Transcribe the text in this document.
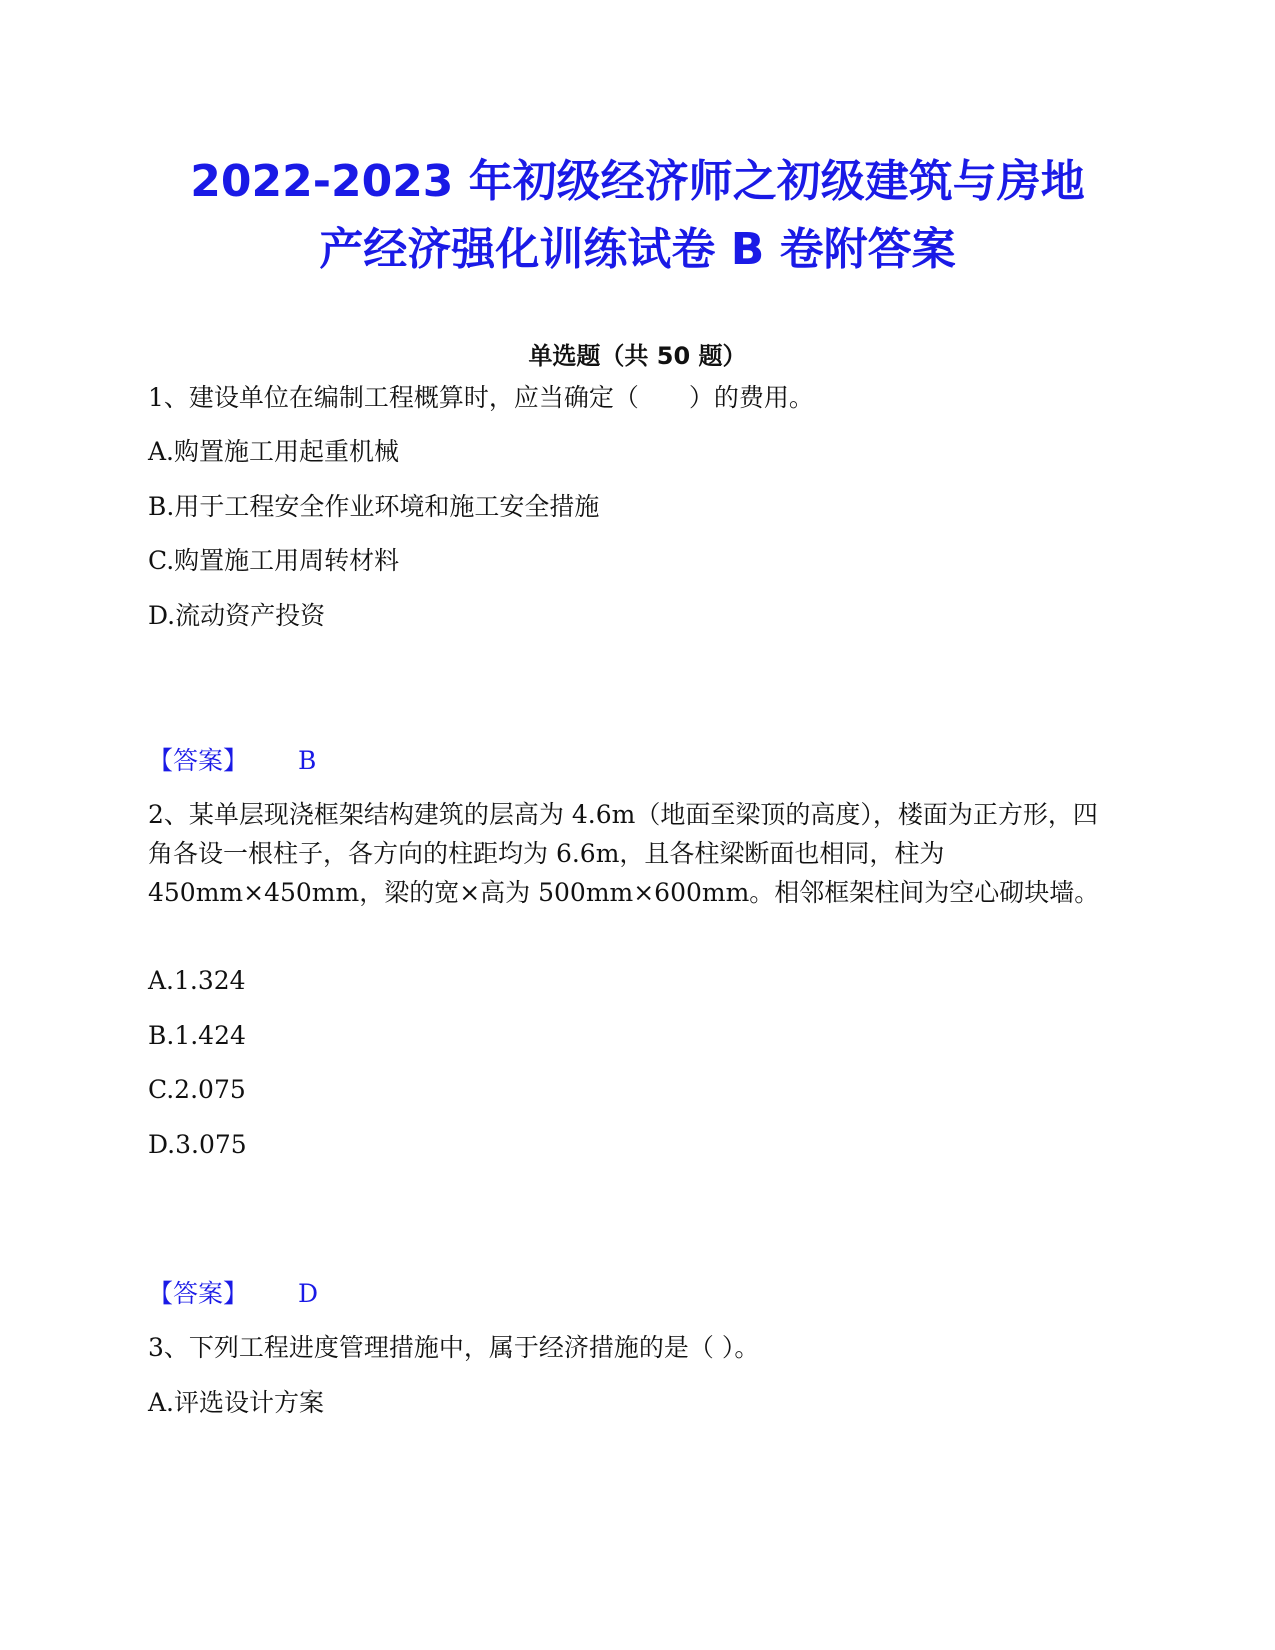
2022-2023 年初级经济师之初级建筑与房地
产经济强化训练试卷 B 卷附答案
单选题（共 50 题）
1、建设单位在编制工程概算时，应当确定（　　）的费用。
A.购置施工用起重机械
B.用于工程安全作业环境和施工安全措施
C.购置施工用周转材料
D.流动资产投资
【答案】 B
2、某单层现浇框架结构建筑的层高为 4.6m（地面至梁顶的高度），楼面为正方形，四角各设一根柱子，各方向的柱距均为 6.6m，且各柱梁断面也相同，柱为 450mm×450mm，梁的宽×高为 500mm×600mm。相邻框架柱间为空心砌块墙。
A.1.324
B.1.424
C.2.075
D.3.075
【答案】 D
3、下列工程进度管理措施中，属于经济措施的是（ ）。
A.评选设计方案
